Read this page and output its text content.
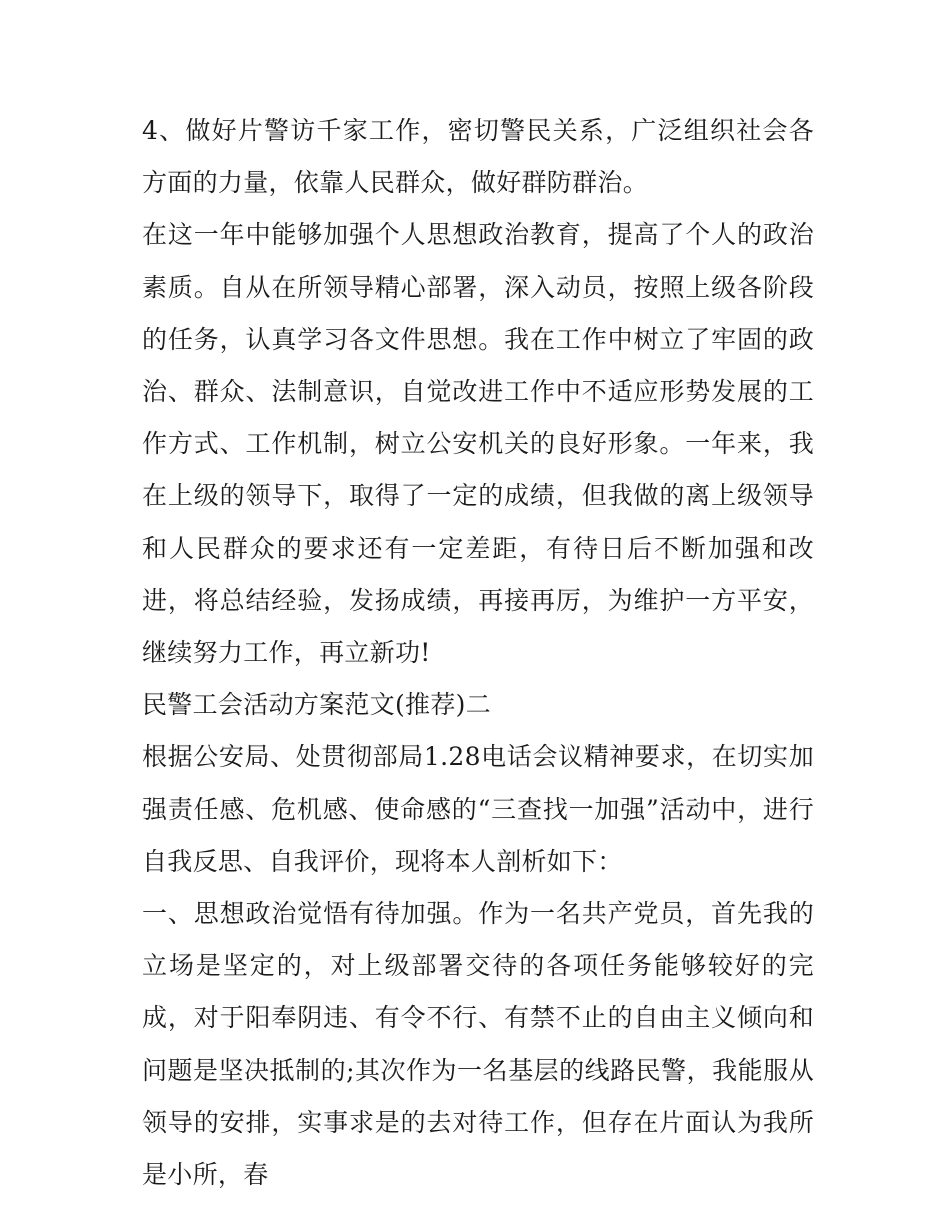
4、做好片警访千家工作，密切警民关系，广泛组织社会各方面的力量，依靠人民群众，做好群防群治。

在这一年中能够加强个人思想政治教育，提高了个人的政治素质。自从在所领导精心部署，深入动员，按照上级各阶段的任务，认真学习各文件思想。我在工作中树立了牢固的政治、群众、法制意识，自觉改进工作中不适应形势发展的工作方式、工作机制，树立公安机关的良好形象。一年来，我在上级的领导下，取得了一定的成绩，但我做的离上级领导和人民群众的要求还有一定差距，有待日后不断加强和改进，将总结经验，发扬成绩，再接再厉，为维护一方平安，继续努力工作，再立新功!

民警工会活动方案范文(推荐)二

根据公安局、处贯彻部局1.28电话会议精神要求，在切实加强责任感、危机感、使命感的“三查找一加强”活动中，进行自我反思、自我评价，现将本人剖析如下：

一、思想政治觉悟有待加强。作为一名共产党员，首先我的立场是坚定的，对上级部署交待的各项任务能够较好的完成，对于阳奉阴违、有令不行、有禁不止的自由主义倾向和问题是坚决抵制的;其次作为一名基层的线路民警，我能服从领导的安排，实事求是的去对待工作，但存在片面认为我所是小所，春
